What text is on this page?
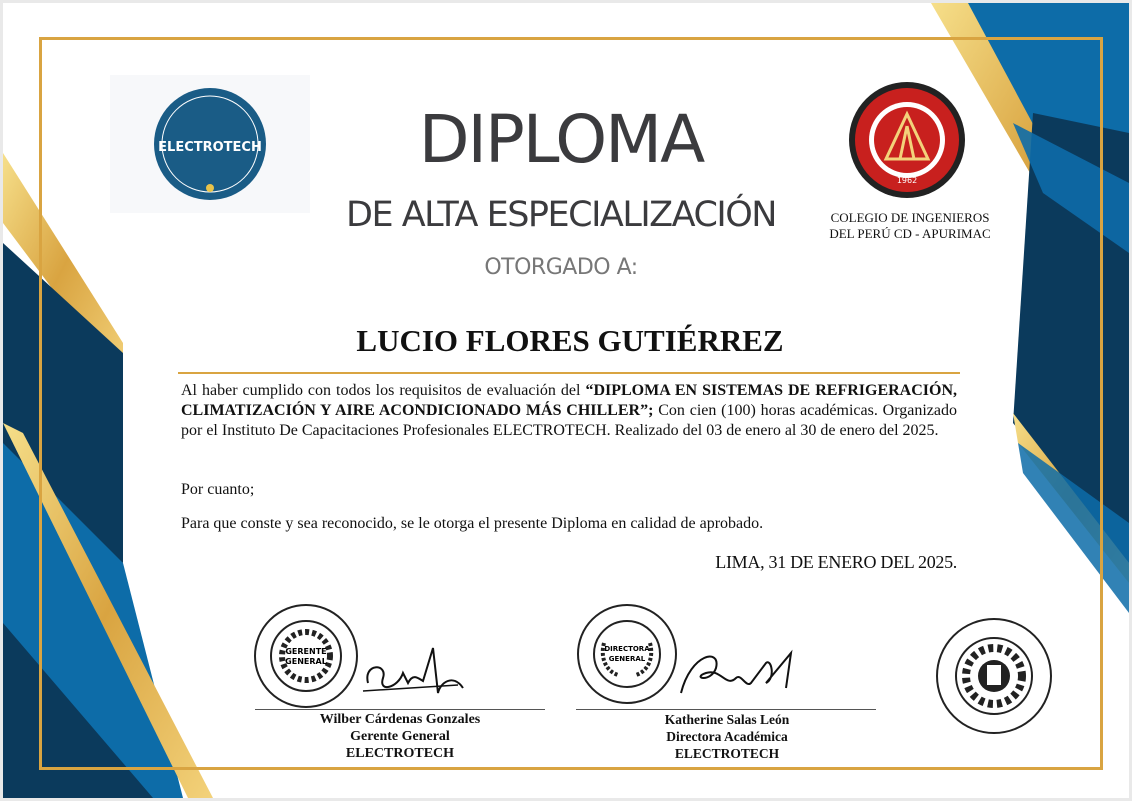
ELECTROTECH
1962
DIPLOMA
DE ALTA ESPECIALIZACIÓN
OTORGADO A:
COLEGIO DE INGENIEROS
DEL PERÚ CD - APURIMAC
LUCIO FLORES GUTIÉRREZ
Al haber cumplido con todos los requisitos de evaluación del “DIPLOMA EN SISTEMAS DE REFRIGERACIÓN, CLIMATIZACIÓN Y AIRE ACONDICIONADO MÁS CHILLER”; Con cien (100) horas académicas. Organizado por el Instituto De Capacitaciones Profesionales ELECTROTECH. Realizado del 03 de enero al 30 de enero del 2025.
Por cuanto;
Para que conste y sea reconocido, se le otorga el presente Diploma en calidad de aprobado.
LIMA, 31 DE ENERO DEL 2025.
GERENTE
GENERAL
DIRECTORA
GENERAL
Wilber Cárdenas Gonzales
Gerente General
ELECTROTECH
Katherine Salas León
Directora Académica
ELECTROTECH
